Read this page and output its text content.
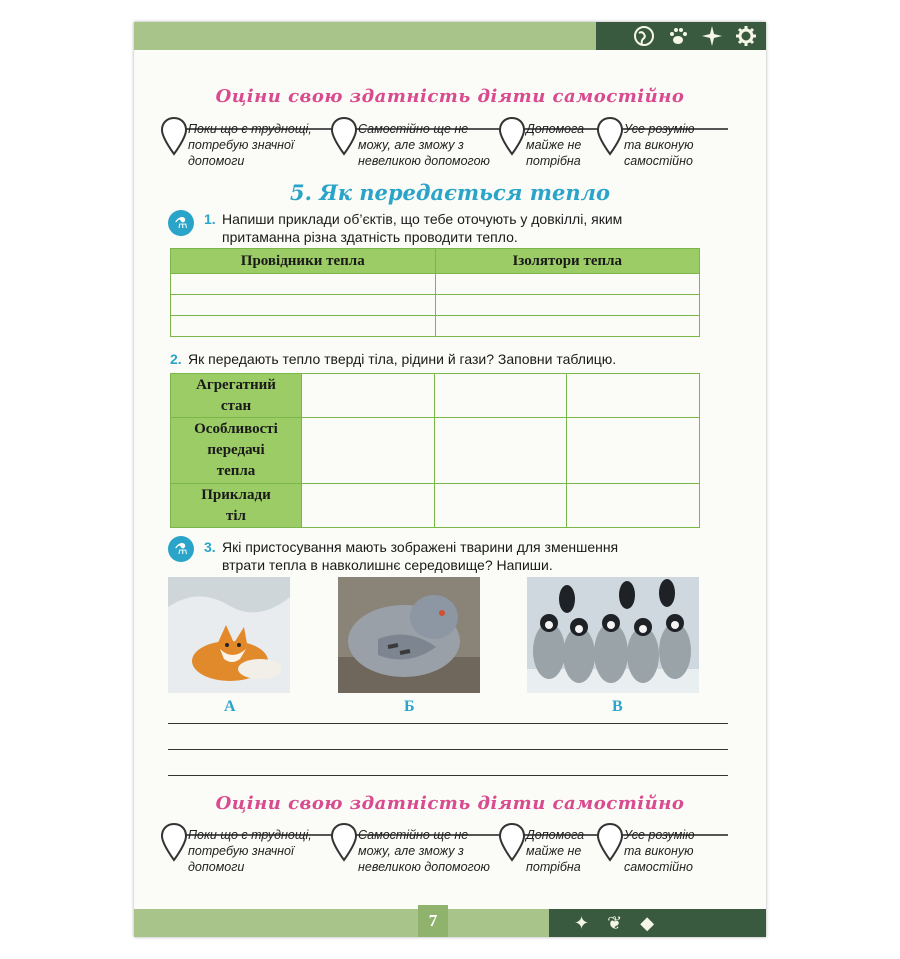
Оціни свою здатність діяти самостійно
Поки що є труднощі,
потребую значної
допомоги
Самостійно ще не
можу, але зможу з
невеликою допомогою
Допомога
майже не
потрібна
Усе розумію
та виконую
самостійно
5. Як передається тепло
⚗	1. Напиши приклади об’єктів, що тебе оточують у довкіллі, яким
притаманна різна здатність проводити тепло.
Провідники тепла	Ізолятори тепла

2. Як передають тепло тверді тіла, рідини й гази? Заповни таблицю.
Агрегатний
стан			
Особливості
передачі
тепла			
Приклади
тіл			
⚗	3. Які пристосування мають зображені тварини для зменшення
втрати тепла в навколишнє середовище? Напиши.
А	Б	В
Оціни свою здатність діяти самостійно
Поки що є труднощі,
потребую значної
допомоги
Самостійно ще не
можу, але зможу з
невеликою допомогою
Допомога
майже не
потрібна
Усе розумію
та виконую
самостійно
✦ ❦ ◆
7
